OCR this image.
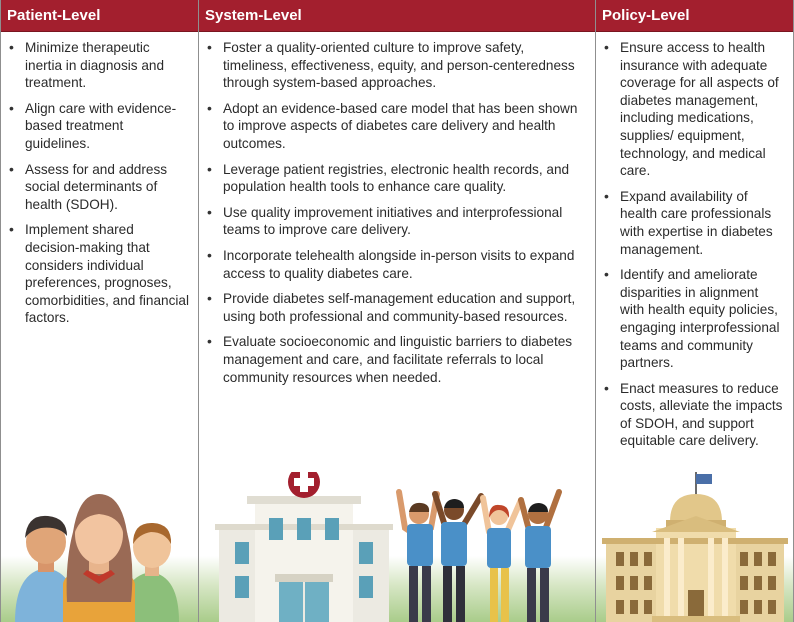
Patient-Level
• Minimize therapeutic inertia in diagnosis and treatment.
• Align care with evidence-based treatment guidelines.
• Assess for and address social determinants of health (SDOH).
• Implement shared decision-making that considers individual preferences, prognoses, comorbidities, and financial factors.
System-Level
• Foster a quality-oriented culture to improve safety, timeliness, effectiveness, equity, and person-centeredness through system-based approaches.
• Adopt an evidence-based care model that has been shown to improve aspects of diabetes care delivery and health outcomes.
• Leverage patient registries, electronic health records, and population health tools to enhance care quality.
• Use quality improvement initiatives and interprofessional teams to improve care delivery.
• Incorporate telehealth alongside in-person visits to expand access to quality diabetes care.
• Provide diabetes self-management education and support, using both professional and community-based resources.
• Evaluate socioeconomic and linguistic barriers to diabetes management and care, and facilitate referrals to local community resources when needed.
Policy-Level
• Ensure access to health insurance with adequate coverage for all aspects of diabetes management, including medications, supplies/ equipment, technology, and medical care.
• Expand availability of health care professionals with expertise in diabetes management.
• Identify and ameliorate disparities in alignment with health equity policies, engaging interprofessional teams and community partners.
• Enact measures to reduce costs, alleviate the impacts of SDOH, and support equitable care delivery.
